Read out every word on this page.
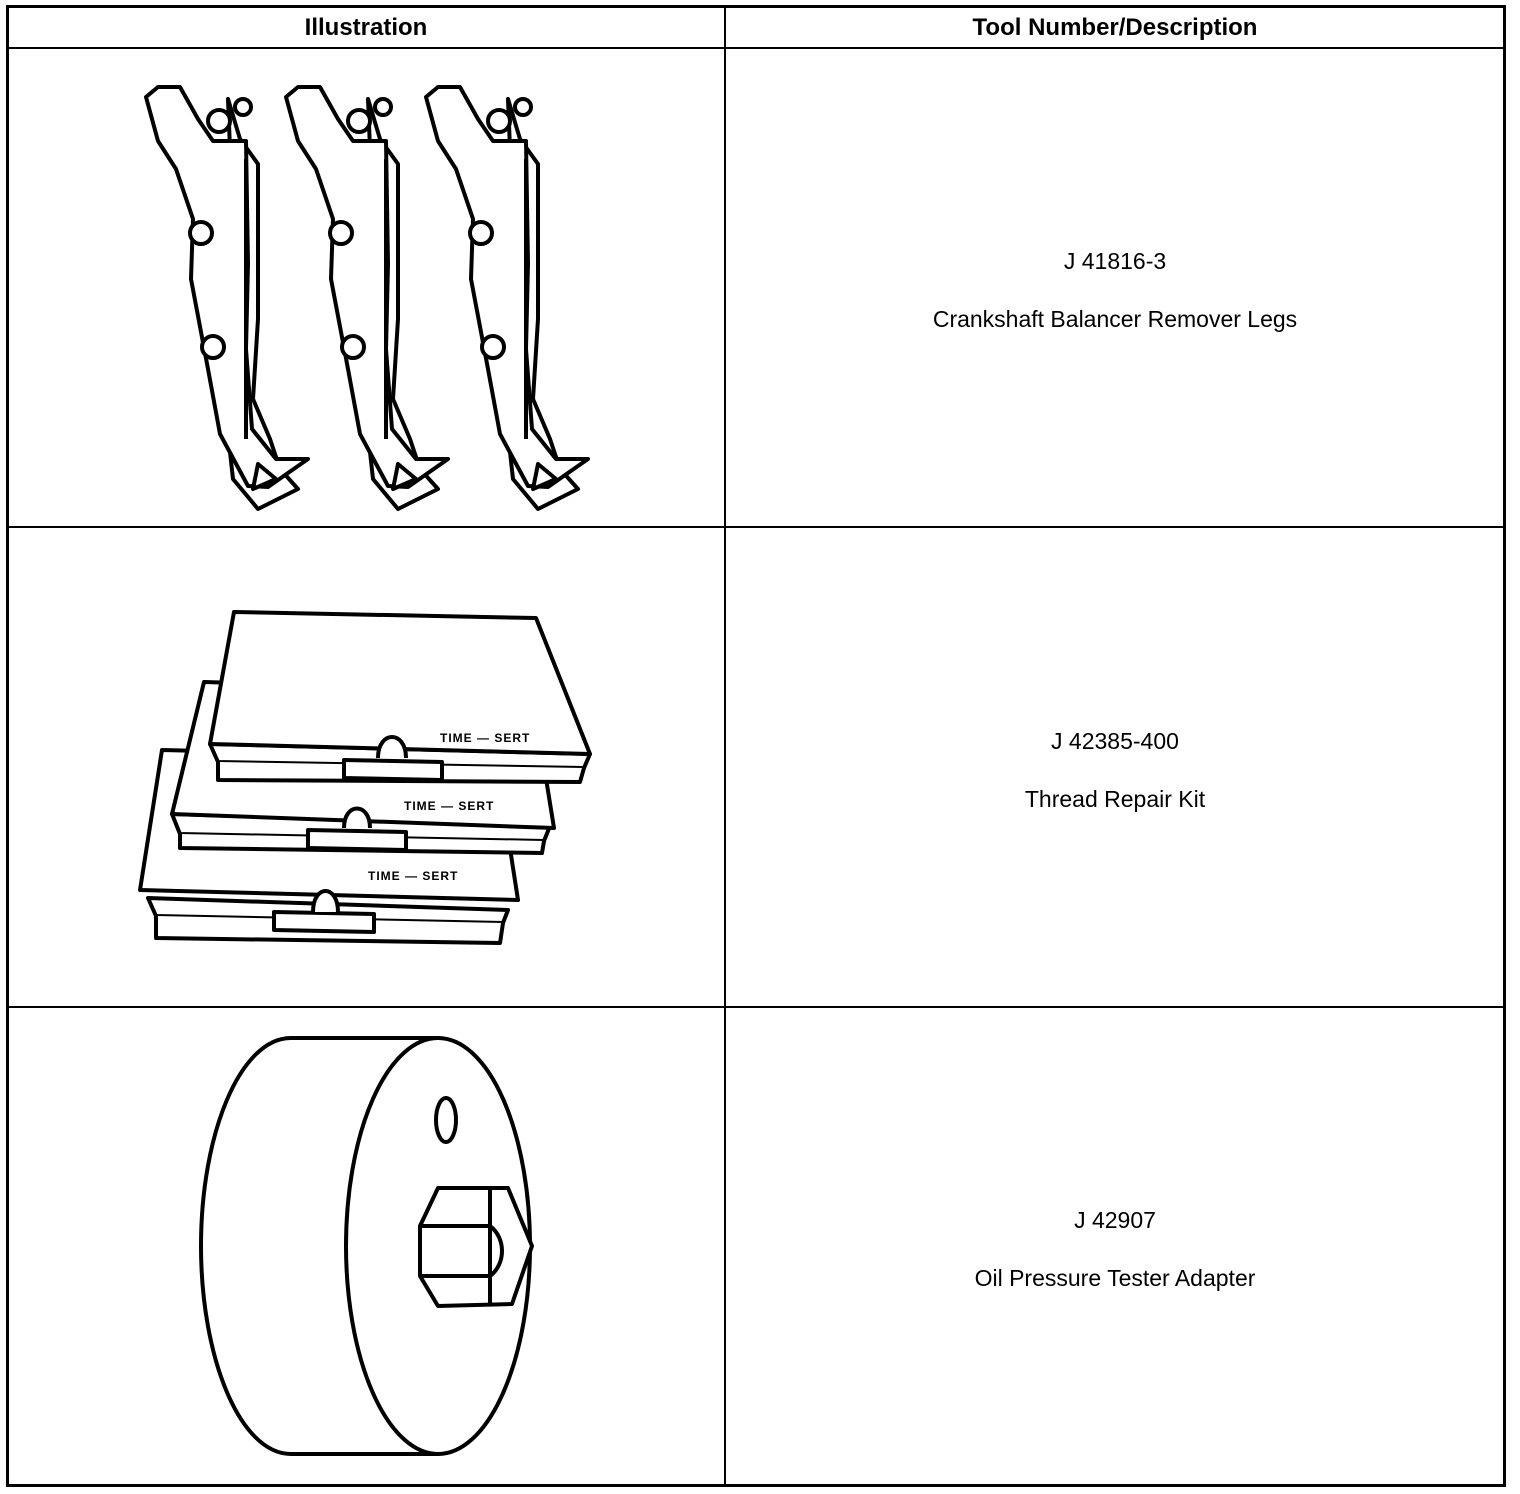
Illustration	Tool Number/Description
J 41816-3
Crankshaft Balancer Remover Legs
TIME — SERT
TIME — SERT
TIME — SERT
J 42385-400
Thread Repair Kit
J 42907
Oil Pressure Tester Adapter
